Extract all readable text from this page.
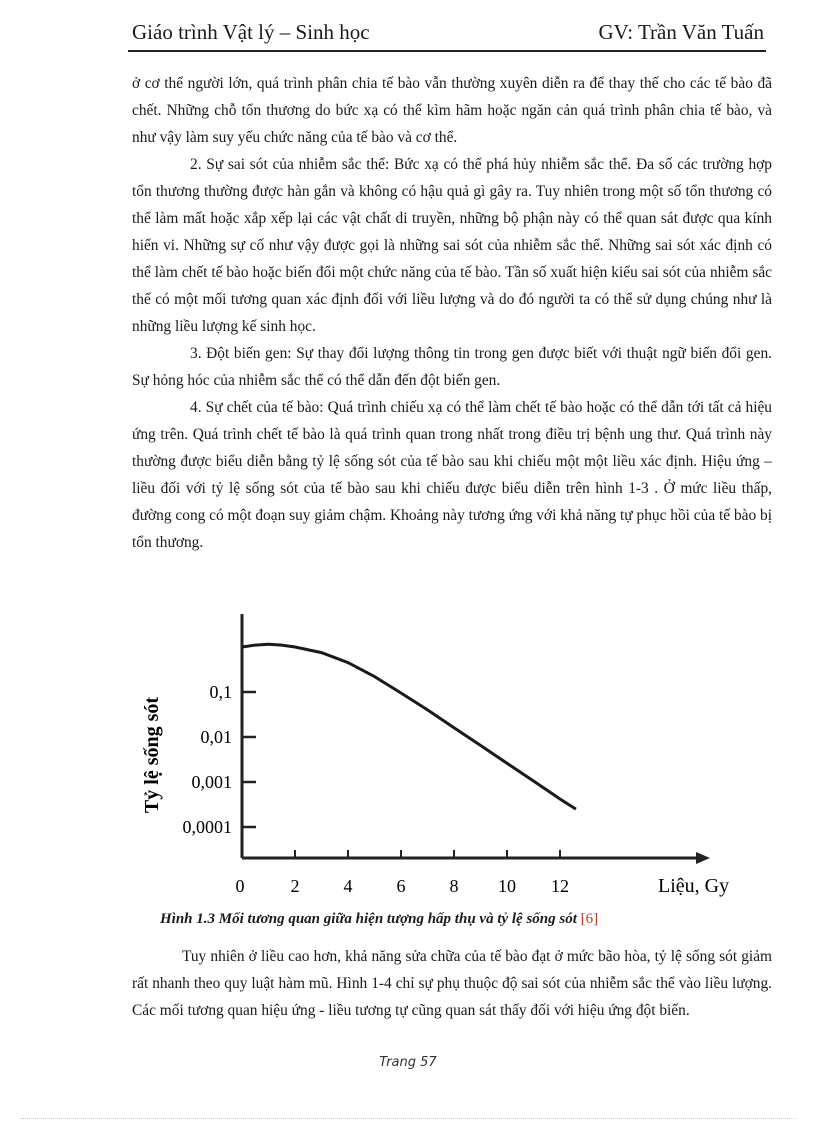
Giáo trình Vật lý – Sinh học	GV: Trần Văn Tuấn

ở cơ thể người lớn, quá trình phân chia tế bào vẫn thường xuyên diễn ra để thay thế cho các tế bào đã chết. Những chỗ tổn thương do bức xạ có thể kìm hãm hoặc ngăn cản quá trình phân chia tế bào, và như vậy làm suy yếu chức năng của tế bào và cơ thể.

2. Sự sai sót của nhiễm sắc thể: Bức xạ có thể phá hủy nhiễm sắc thể. Đa số các trường hợp tổn thương thường được hàn gắn và không có hậu quả gì gây ra. Tuy nhiên trong một số tổn thương có thể làm mất hoặc xắp xếp lại các vật chất di truyền, những bộ phận này có thể quan sát được qua kính hiển vi. Những sự cố như vậy được gọi là những sai sót của nhiễm sắc thể. Những sai sót xác định có thể làm chết tế bào hoặc biến đổi một chức năng của tế bào. Tần số xuất hiện kiểu sai sót của nhiễm sắc thể có một mối tương quan xác định đối với liều lượng và do đó người ta có thể sử dụng chúng như là những liều lượng kế sinh học.

3. Đột biến gen: Sự thay đổi lượng thông tin trong gen được biết với thuật ngữ biến đổi gen. Sự hỏng hóc của nhiễm sắc thể có thể dẫn đến đột biến gen.

4. Sự chết của tế bào: Quá trình chiếu xạ có thể làm chết tế bào hoặc có thể dẫn tới tất cả hiệu ứng trên. Quá trình chết tế bào là quá trình quan trong nhất trong điều trị bệnh ung thư. Quá trình này thường được biểu diễn bằng tỷ lệ sống sót của tế bào sau khi chiếu một một liều xác định. Hiệu ứng – liều đối với tỷ lệ sống sót của tế bào sau khi chiếu được biểu diễn trên hình 1-3 . Ở mức liều thấp, đường cong có một đoạn suy giảm chậm. Khoảng này tương ứng với khả năng tự phục hồi của tế bào bị tổn thương.

Tỷ lệ sống sót
0	2 4 6 8 10 12
0,1
0,01
0,001
0,0001
Liệu, Gy
Hình 1.3 Mối tương quan giữa hiện tượng hấp thụ và tỷ lệ sống sót [6]

Tuy nhiên ở liều cao hơn, khả năng sửa chữa của tế bào đạt ở mức bão hòa, tỷ lệ sống sót giảm rất nhanh theo quy luật hàm mũ. Hình 1-4 chỉ sự phụ thuộc độ sai sót của nhiễm sắc thể vào liều lượng. Các mối tương quan hiệu ứng - liều tương tự cũng quan sát thấy đối với hiệu ứng đột biến.

Trang 57
